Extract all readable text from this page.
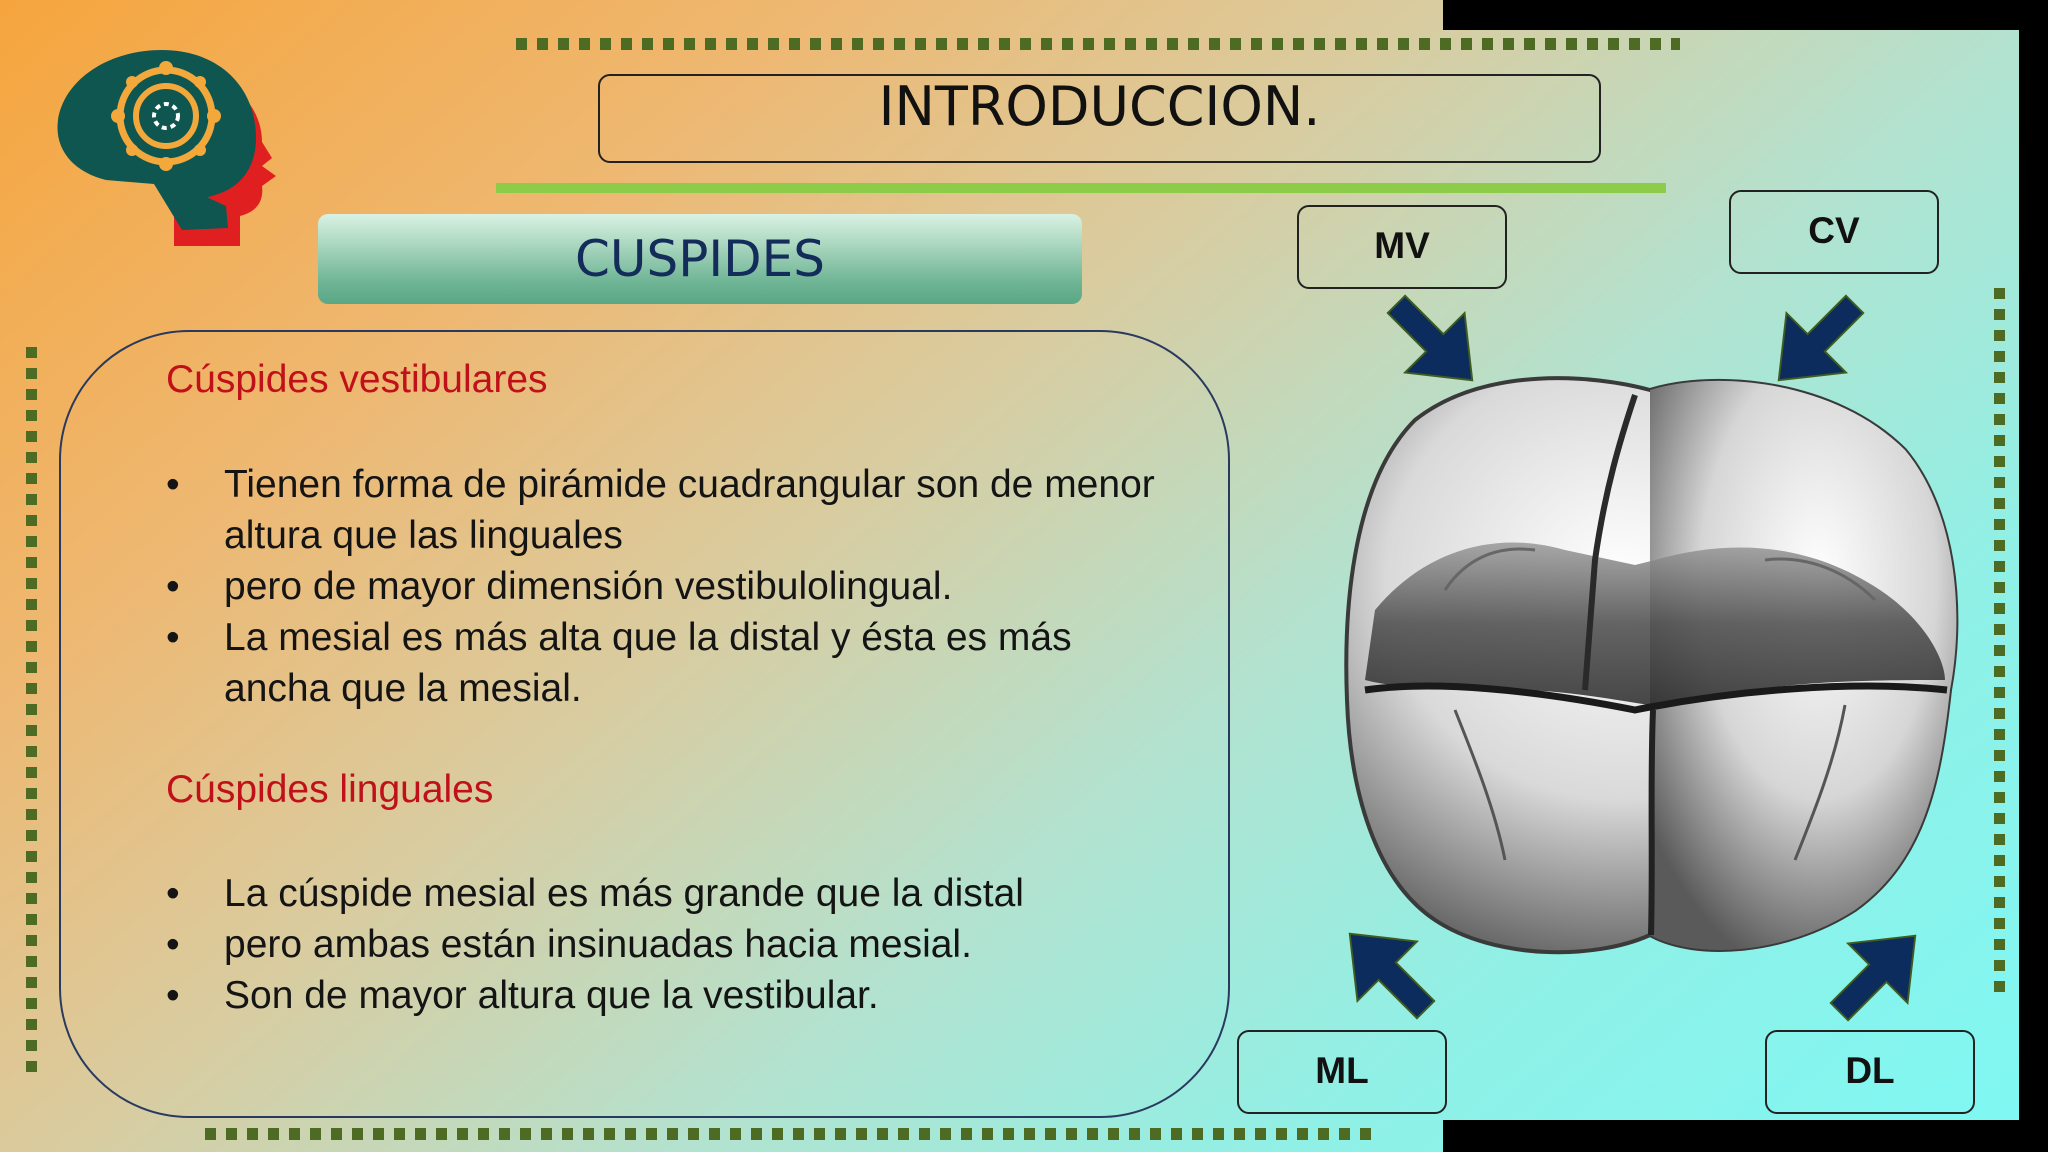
INTRODUCCION.
CUSPIDES
Cúspides vestibulares
• Tienen forma de pirámide cuadrangular son de menor altura que las linguales
• pero de mayor dimensión vestibulolingual.
• La mesial es más alta que la distal y ésta es más ancha que la mesial.
Cúspides linguales
• La cúspide mesial es más grande que la distal
• pero ambas están insinuadas hacia mesial.
• Son de mayor altura que la vestibular.
MV	CV
ML	DL
